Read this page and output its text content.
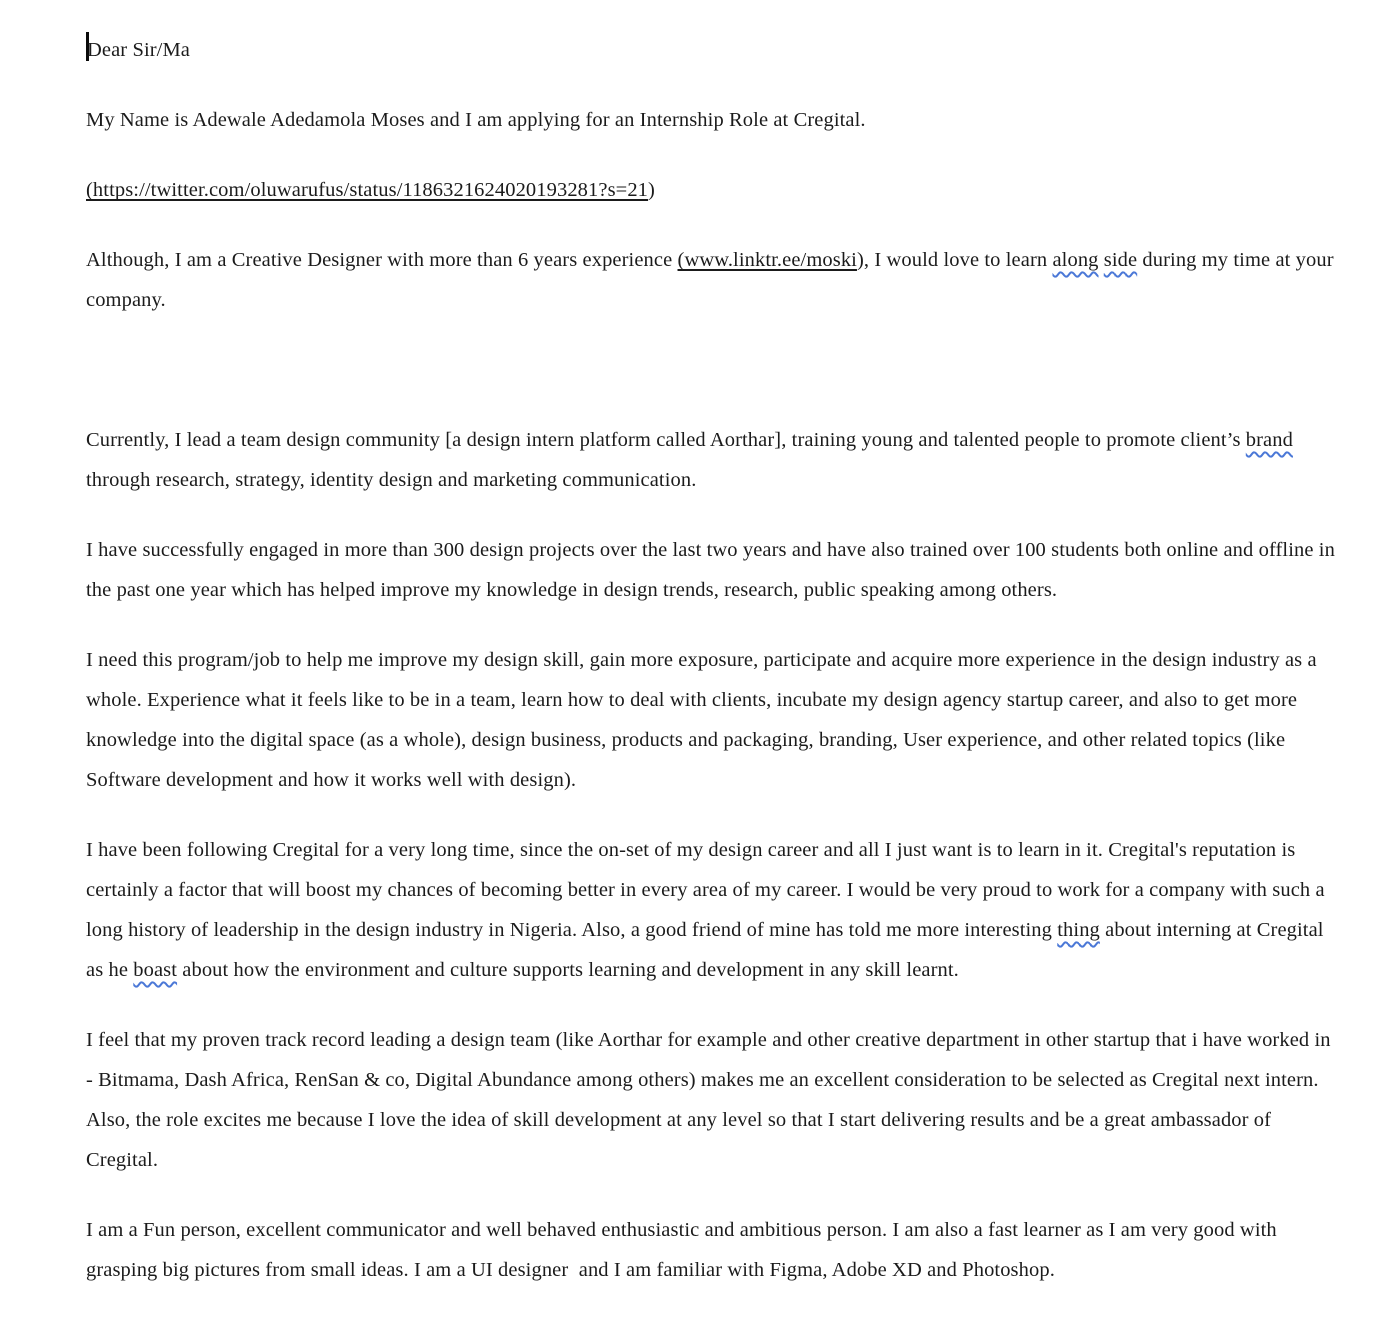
Dear Sir/Ma

My Name is Adewale Adedamola Moses and I am applying for an Internship Role at Cregital.

(https://twitter.com/oluwarufus/status/1186321624020193281?s=21)

Although, I am a Creative Designer with more than 6 years experience (www.linktr.ee/moski), I would love to learn along side during my time at your company.

Currently, I lead a team design community [a design intern platform called Aorthar], training young and talented people to promote client’s brand through research, strategy, identity design and marketing communication.

I have successfully engaged in more than 300 design projects over the last two years and have also trained over 100 students both online and offline in the past one year which has helped improve my knowledge in design trends, research, public speaking among others.

I need this program/job to help me improve my design skill, gain more exposure, participate and acquire more experience in the design industry as a whole. Experience what it feels like to be in a team, learn how to deal with clients, incubate my design agency startup career, and also to get more knowledge into the digital space (as a whole), design business, products and packaging, branding, User experience, and other related topics (like Software development and how it works well with design).

I have been following Cregital for a very long time, since the on-set of my design career and all I just want is to learn in it. Cregital's reputation is certainly a factor that will boost my chances of becoming better in every area of my career. I would be very proud to work for a company with such a long history of leadership in the design industry in Nigeria. Also, a good friend of mine has told me more interesting thing about interning at Cregital as he boast about how the environment and culture supports learning and development in any skill learnt.

I feel that my proven track record leading a design team (like Aorthar for example and other creative department in other startup that i have worked in - Bitmama, Dash Africa, RenSan & co, Digital Abundance among others) makes me an excellent consideration to be selected as Cregital next intern. Also, the role excites me because I love the idea of skill development at any level so that I start delivering results and be a great ambassador of Cregital.

I am a Fun person, excellent communicator and well behaved enthusiastic and ambitious person. I am also a fast learner as I am very good with grasping big pictures from small ideas. I am a UI designer  and I am familiar with Figma, Adobe XD and Photoshop.
